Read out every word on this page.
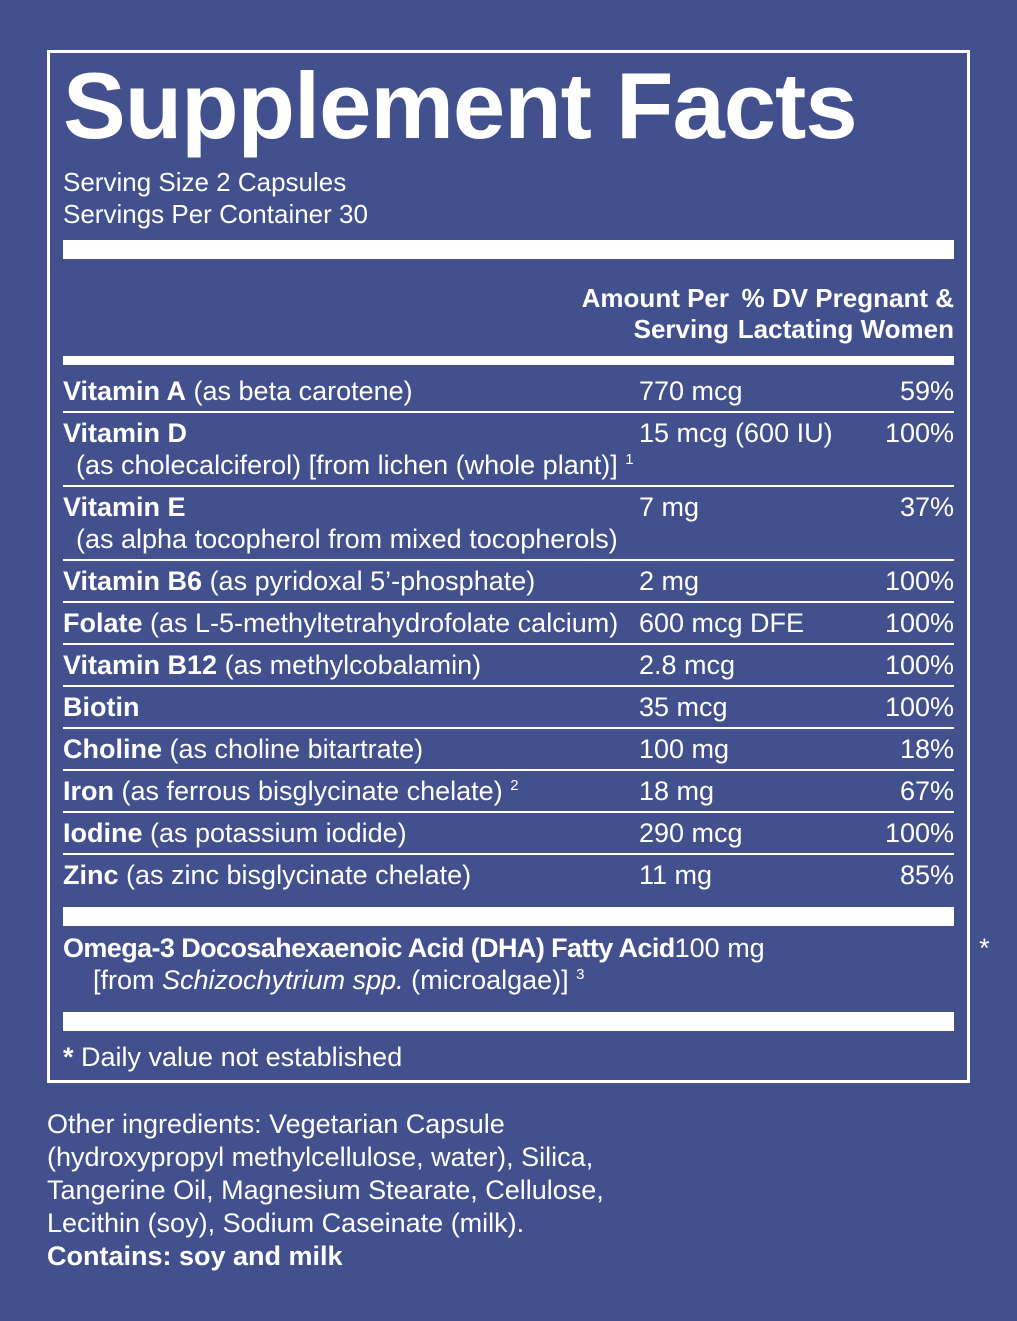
Supplement Facts
Serving Size 2 Capsules
Servings Per Container 30
Amount Per
Serving
% DV Pregnant &
Lactating Women
Vitamin A (as beta carotene)	770 mcg	59%
Vitamin D	15 mcg (600 IU)	100%
(as cholecalciferol) [from lichen (whole plant)] $^1$
Vitamin E	7 mg	37%
(as alpha tocopherol from mixed tocopherols)
Vitamin B6 (as pyridoxal 5’-phosphate)	2 mg	100%
Folate (as L-5-methyltetrahydrofolate calcium) 600 mcg DFE	100%
Vitamin B12 (as methylcobalamin)	2.8 mcg	100%
Biotin	35 mcg	100%
Choline (as choline bitartrate)	100 mg	18%
Iron (as ferrous bisglycinate chelate) $^2$	18 mg	67%
Iodine (as potassium iodide)	290 mcg	100%
Zinc (as zinc bisglycinate chelate)	11 mg	85%
Omega-3 Docosahexaenoic Acid (DHA) Fatty Acid 100 mg	*
[from Schizochytrium spp. (microalgae)] $^3$
* Daily value not established
Other ingredients: Vegetarian Capsule
(hydroxypropyl methylcellulose, water), Silica,
Tangerine Oil, Magnesium Stearate, Cellulose,
Lecithin (soy), Sodium Caseinate (milk).
Contains: soy and milk
